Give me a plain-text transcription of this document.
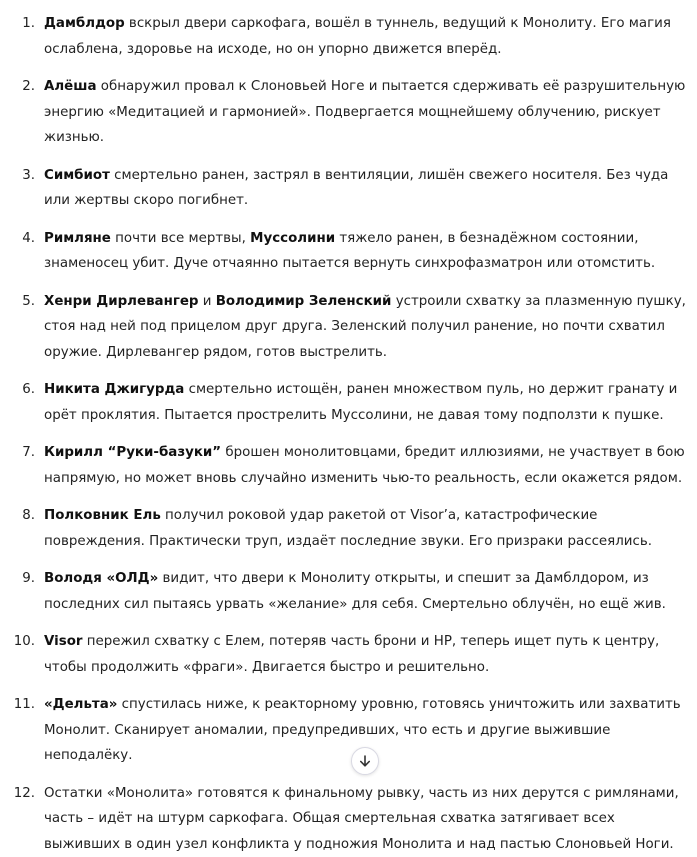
1. Дамблдор вскрыл двери саркофага, вошёл в туннель, ведущий к Монолиту. Его магия ослаблена, здоровье на исходе, но он упорно движется вперёд.
2. Алёша обнаружил провал к Слоновьей Ноге и пытается сдерживать её разрушительную энергию «Медитацией и гармонией». Подвергается мощнейшему облучению, рискует жизнью.
3. Симбиот смертельно ранен, застрял в вентиляции, лишён свежего носителя. Без чуда или жертвы скоро погибнет.
4. Римляне почти все мертвы, Муссолини тяжело ранен, в безнадёжном состоянии, знаменосец убит. Дуче отчаянно пытается вернуть синхрофазматрон или отомстить.
5. Хенри Дирлевангер и Володимир Зеленский устроили схватку за плазменную пушку, стоя над ней под прицелом друг друга. Зеленский получил ранение, но почти схватил оружие. Дирлевангер рядом, готов выстрелить.
6. Никита Джигурда смертельно истощён, ранен множеством пуль, но держит гранату и орёт проклятия. Пытается прострелить Муссолини, не давая тому подползти к пушке.
7. Кирилл “Руки-базуки” брошен монолитовцами, бредит иллюзиями, не участвует в бою напрямую, но может вновь случайно изменить чью-то реальность, если окажется рядом.
8. Полковник Ель получил роковой удар ракетой от Visor’a, катастрофические повреждения. Практически труп, издаёт последние звуки. Его призраки рассеялись.
9. Володя «ОЛД» видит, что двери к Монолиту открыты, и спешит за Дамблдором, из последних сил пытаясь урвать «желание» для себя. Смертельно облучён, но ещё жив.
10. Visor пережил схватку с Елем, потеряв часть брони и HP, теперь ищет путь к центру, чтобы продолжить «фраги». Двигается быстро и решительно.
11. «Дельта» спустилась ниже, к реакторному уровню, готовясь уничтожить или захватить Монолит. Сканирует аномалии, предупредивших, что есть и другие выжившие неподалёку.
12. Остатки «Монолита» готовятся к финальному рывку, часть из них дерутся с римлянами, часть – идёт на штурм саркофага. Общая смертельная схватка затягивает всех выживших в один узел конфликта у подножия Монолита и над пастью Слоновьей Ноги.
